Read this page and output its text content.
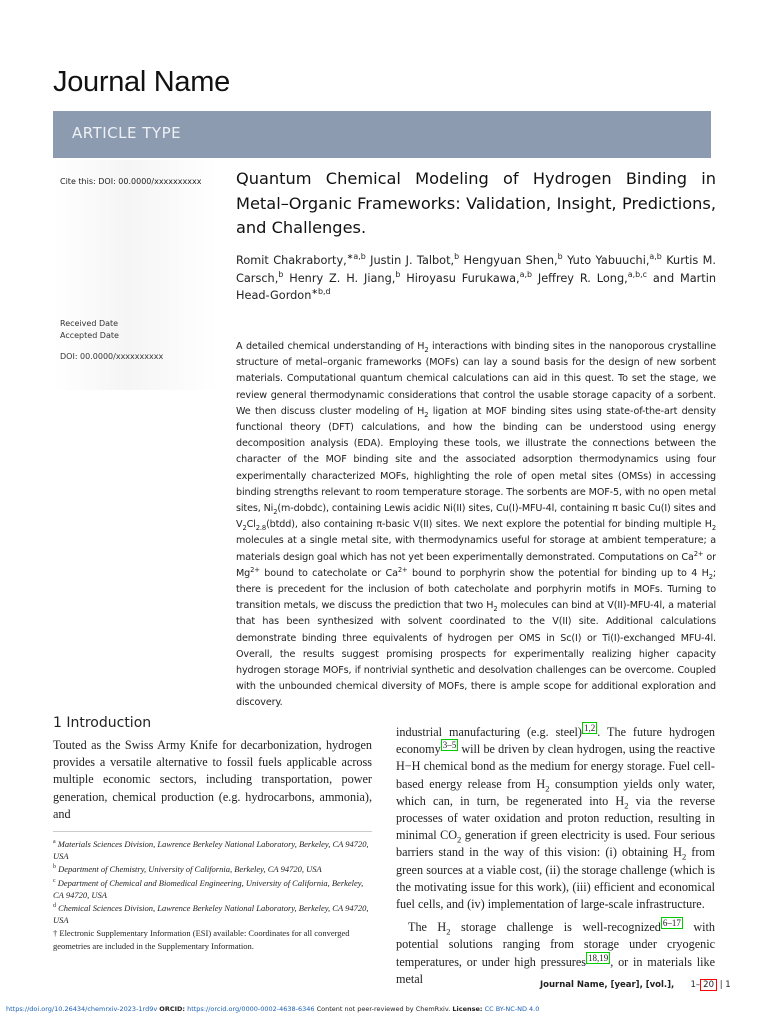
Journal Name
ARTICLE TYPE
Cite this: DOI: 00.0000/xxxxxxxxxx
Received Date
Accepted Date
DOI: 00.0000/xxxxxxxxxx
Quantum Chemical Modeling of Hydrogen Binding in Metal–Organic Frameworks: Validation, Insight, Predictions, and Challenges.
Romit Chakraborty,$^{∗a,b}$ Justin J. Talbot,$^b$ Hengyuan Shen,$^b$ Yuto Yabuuchi,$^{a,b}$ Kurtis M. Carsch,$^b$ Henry Z. H. Jiang,$^b$ Hiroyasu Furukawa,$^{a,b}$ Jeffrey R. Long,$^{a,b,c}$ and Martin Head-Gordon$^{∗b,d}$

A detailed chemical understanding of $H_2$ interactions with binding sites in the nanoporous crystalline structure of metal–organic frameworks (MOFs) can lay a sound basis for the design of new sorbent materials. Computational quantum chemical calculations can aid in this quest. To set the stage, we review general thermodynamic considerations that control the usable storage capacity of a sorbent. We then discuss cluster modeling of $H_2$ ligation at MOF binding sites using state-of-the-art density functional theory (DFT) calculations, and how the binding can be understood using energy decomposition analysis (EDA). Employing these tools, we illustrate the connections between the character of the MOF binding site and the associated adsorption thermodynamics using four experimentally characterized MOFs, highlighting the role of open metal sites (OMSs) in accessing binding strengths relevant to room temperature storage. The sorbents are MOF-5, with no open metal sites, $Ni_2(m-dobdc)$, containing Lewis acidic Ni(II) sites, Cu(I)-MFU-4l, containing π basic Cu(I) sites and $V_2Cl_{2.8}(btdd)$, also containing π-basic V(II) sites. We next explore the potential for binding multiple $H_2$ molecules at a single metal site, with thermodynamics useful for storage at ambient temperature; a materials design goal which has not yet been experimentally demonstrated. Computations on $Ca^{2+}$ or $Mg^{2+}$ bound to catecholate or $Ca^{2+}$ bound to porphyrin show the potential for binding up to 4 $H_2$; there is precedent for the inclusion of both catecholate and porphyrin motifs in MOFs. Turning to transition metals, we discuss the prediction that two $H_2$ molecules can bind at V(II)-MFU-4l, a material that has been synthesized with solvent coordinated to the V(II) site. Additional calculations demonstrate binding three equivalents of hydrogen per OMS in Sc(I) or Ti(I)-exchanged MFU-4l. Overall, the results suggest promising prospects for experimentally realizing higher capacity hydrogen storage MOFs, if nontrivial synthetic and desolvation challenges can be overcome. Coupled with the unbounded chemical diversity of MOFs, there is ample scope for additional exploration and discovery.

1 Introduction

Touted as the Swiss Army Knife for decarbonization, hydrogen provides a versatile alternative to fossil fuels applicable across multiple economic sectors, including transportation, power generation, chemical production (e.g. hydrocarbons, ammonia), and

$^a$ Materials Sciences Division, Lawrence Berkeley National Laboratory, Berkeley, CA 94720, USA

$^b$ Department of Chemistry, University of California, Berkeley, CA 94720, USA

$^c$ Department of Chemical and Biomedical Engineering, University of California, Berkeley, CA 94720, USA

$^d$ Chemical Sciences Division, Lawrence Berkeley National Laboratory, Berkeley, CA 94720, USA

† Electronic Supplementary Information (ESI) available: Coordinates for all converged geometries are included in the Supplementary Information.

industrial manufacturing (e.g. steel) $^{1,2}$ . The future hydrogen economy $^{3-5}$ will be driven by clean hydrogen, using the reactive H−H chemical bond as the medium for energy storage. Fuel cell-based energy release from $H_2$ consumption yields only water, which can, in turn, be regenerated into $H_2$ via the reverse processes of water oxidation and proton reduction, resulting in minimal $CO_2$ generation if green electricity is used. Four serious barriers stand in the way of this vision: (i) obtaining $H_2$ from green sources at a viable cost, (ii) the storage challenge (which is the motivating issue for this work), (iii) efficient and economical fuel cells, and (iv) implementation of large-scale infrastructure.

The $H_2$ storage challenge is well-recognized $^{6-17}$ with potential solutions ranging from storage under cryogenic temperatures, or under high pressures $^{18,19}$ , or in materials like metal	Journal Name, [year], [vol.], 1– 20 | 1
https://doi.org/10.26434/chemrxiv-2023-1rd9v ORCID: https://orcid.org/0000-0002-4638-6346 Content not peer-reviewed by ChemRxiv. License: CC BY-NC-ND 4.0
